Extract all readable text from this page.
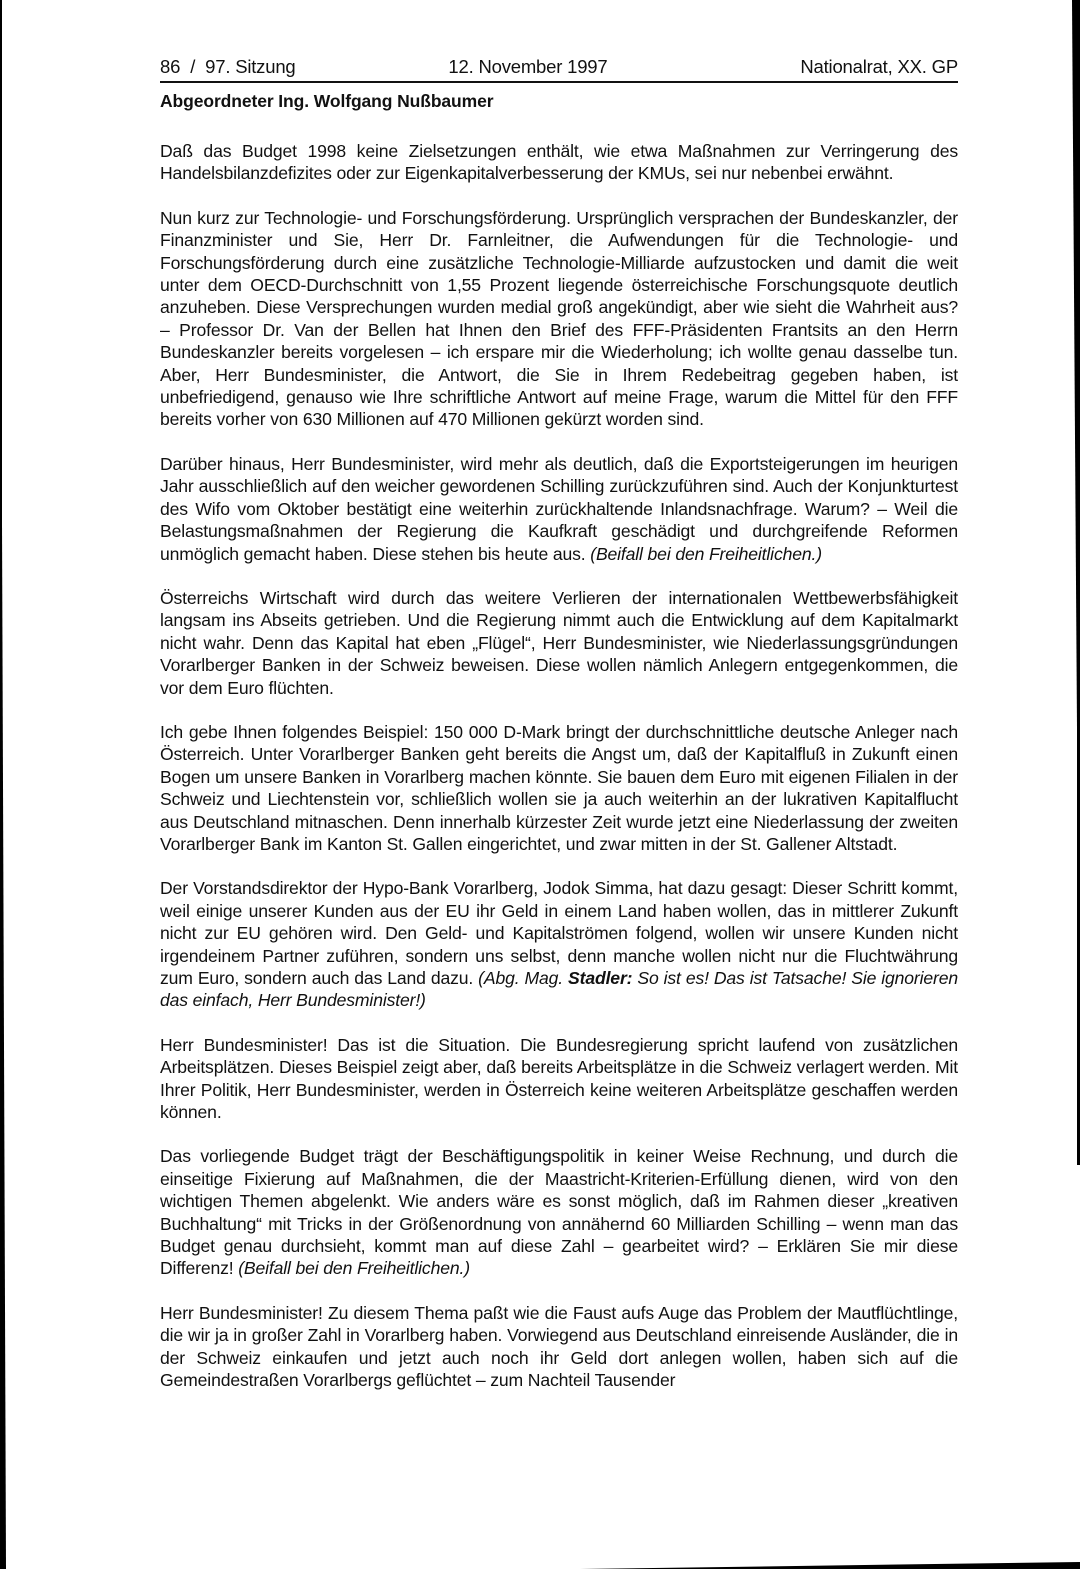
86 / 97. Sitzung	12. November 1997	Nationalrat, XX. GP
Abgeordneter Ing. Wolfgang Nußbaumer

Daß das Budget 1998 keine Zielsetzungen enthält, wie etwa Maßnahmen zur Verringerung des Handelsbilanzdefizites oder zur Eigenkapitalverbesserung der KMUs, sei nur nebenbei erwähnt.

Nun kurz zur Technologie- und Forschungsförderung. Ursprünglich versprachen der Bundeskanzler, der Finanzminister und Sie, Herr Dr. Farnleitner, die Aufwendungen für die Technologie- und Forschungsförderung durch eine zusätzliche Technologie-Milliarde aufzustocken und damit die weit unter dem OECD-Durchschnitt von 1,55 Prozent liegende österreichische Forschungsquote deutlich anzuheben. Diese Versprechungen wurden medial groß angekündigt, aber wie sieht die Wahrheit aus? – Professor Dr. Van der Bellen hat Ihnen den Brief des FFF-Präsidenten Frantsits an den Herrn Bundeskanzler bereits vorgelesen – ich erspare mir die Wiederholung; ich wollte genau dasselbe tun. Aber, Herr Bundesminister, die Antwort, die Sie in Ihrem Redebeitrag gegeben haben, ist unbefriedigend, genauso wie Ihre schriftliche Antwort auf meine Frage, warum die Mittel für den FFF bereits vorher von 630 Millionen auf 470 Millionen gekürzt worden sind.

Darüber hinaus, Herr Bundesminister, wird mehr als deutlich, daß die Exportsteigerungen im heurigen Jahr ausschließlich auf den weicher gewordenen Schilling zurückzuführen sind. Auch der Konjunkturtest des Wifo vom Oktober bestätigt eine weiterhin zurückhaltende Inlandsnachfrage. Warum? – Weil die Belastungsmaßnahmen der Regierung die Kaufkraft geschädigt und durchgreifende Reformen unmöglich gemacht haben. Diese stehen bis heute aus. (Beifall bei den Freiheitlichen.)

Österreichs Wirtschaft wird durch das weitere Verlieren der internationalen Wettbewerbsfähigkeit langsam ins Abseits getrieben. Und die Regierung nimmt auch die Entwicklung auf dem Kapitalmarkt nicht wahr. Denn das Kapital hat eben „Flügel“, Herr Bundesminister, wie Niederlassungsgründungen Vorarlberger Banken in der Schweiz beweisen. Diese wollen nämlich Anlegern entgegenkommen, die vor dem Euro flüchten.

Ich gebe Ihnen folgendes Beispiel: 150 000 D-Mark bringt der durchschnittliche deutsche Anleger nach Österreich. Unter Vorarlberger Banken geht bereits die Angst um, daß der Kapitalfluß in Zukunft einen Bogen um unsere Banken in Vorarlberg machen könnte. Sie bauen dem Euro mit eigenen Filialen in der Schweiz und Liechtenstein vor, schließlich wollen sie ja auch weiterhin an der lukrativen Kapitalflucht aus Deutschland mitnaschen. Denn innerhalb kürzester Zeit wurde jetzt eine Niederlassung der zweiten Vorarlberger Bank im Kanton St. Gallen eingerichtet, und zwar mitten in der St. Gallener Altstadt.

Der Vorstandsdirektor der Hypo-Bank Vorarlberg, Jodok Simma, hat dazu gesagt: Dieser Schritt kommt, weil einige unserer Kunden aus der EU ihr Geld in einem Land haben wollen, das in mittlerer Zukunft nicht zur EU gehören wird. Den Geld- und Kapitalströmen folgend, wollen wir unsere Kunden nicht irgendeinem Partner zuführen, sondern uns selbst, denn manche wollen nicht nur die Fluchtwährung zum Euro, sondern auch das Land dazu. (Abg. Mag. Stadler: So ist es! Das ist Tatsache! Sie ignorieren das einfach, Herr Bundesminister!)

Herr Bundesminister! Das ist die Situation. Die Bundesregierung spricht laufend von zusätzlichen Arbeitsplätzen. Dieses Beispiel zeigt aber, daß bereits Arbeitsplätze in die Schweiz verlagert werden. Mit Ihrer Politik, Herr Bundesminister, werden in Österreich keine weiteren Arbeitsplätze geschaffen werden können.

Das vorliegende Budget trägt der Beschäftigungspolitik in keiner Weise Rechnung, und durch die einseitige Fixierung auf Maßnahmen, die der Maastricht-Kriterien-Erfüllung dienen, wird von den wichtigen Themen abgelenkt. Wie anders wäre es sonst möglich, daß im Rahmen dieser „kreativen Buchhaltung“ mit Tricks in der Größenordnung von annähernd 60 Milliarden Schilling – wenn man das Budget genau durchsieht, kommt man auf diese Zahl – gearbeitet wird? – Erklären Sie mir diese Differenz! (Beifall bei den Freiheitlichen.)

Herr Bundesminister! Zu diesem Thema paßt wie die Faust aufs Auge das Problem der Mautflüchtlinge, die wir ja in großer Zahl in Vorarlberg haben. Vorwiegend aus Deutschland einreisende Ausländer, die in der Schweiz einkaufen und jetzt auch noch ihr Geld dort anlegen wollen, haben sich auf die Gemeindestraßen Vorarlbergs geflüchtet – zum Nachteil Tausender
